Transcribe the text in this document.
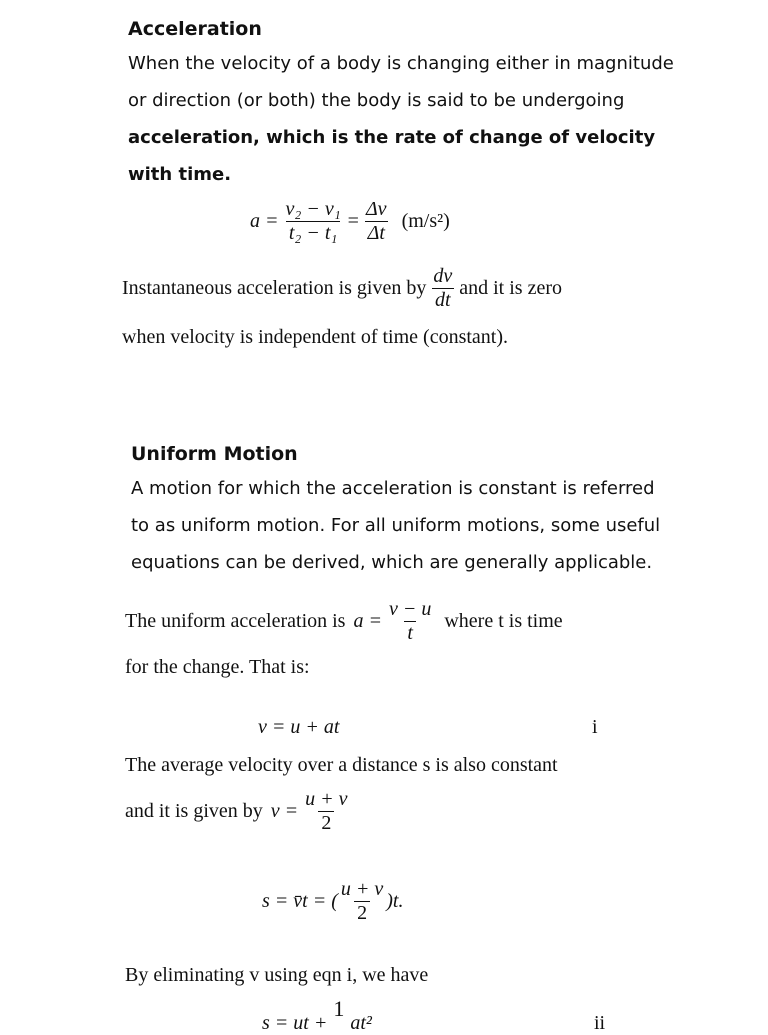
Acceleration
When the velocity of a body is changing either in magnitude
or direction (or both) the body is said to be undergoing
acceleration, which is the rate of change of velocity
with time.
$a = \frac{\text{v₂ − v₁}}{\text{t₂ − t₁}} = \frac{\Delta v}{\Delta t} (m/s^2)$
Instantaneous acceleration is given by $\frac{dv}{dt}$ and it is zero
when velocity is independent of time (constant).
Uniform Motion
A motion for which the acceleration is constant is referred
to as uniform motion. For all uniform motions, some useful
equations can be derived, which are generally applicable.
The uniform acceleration is $a = \frac{v - u}{t}$ where t is time
for the change. That is:
v = u + at	i
The average velocity over a distance s is also constant
and it is given by $v = \frac{u + v}{2}$
s = v̄t = ( $\frac{u + v}{2} )t$.
By eliminating v using eqn i, we have
s = ut +
1
at²	ii
